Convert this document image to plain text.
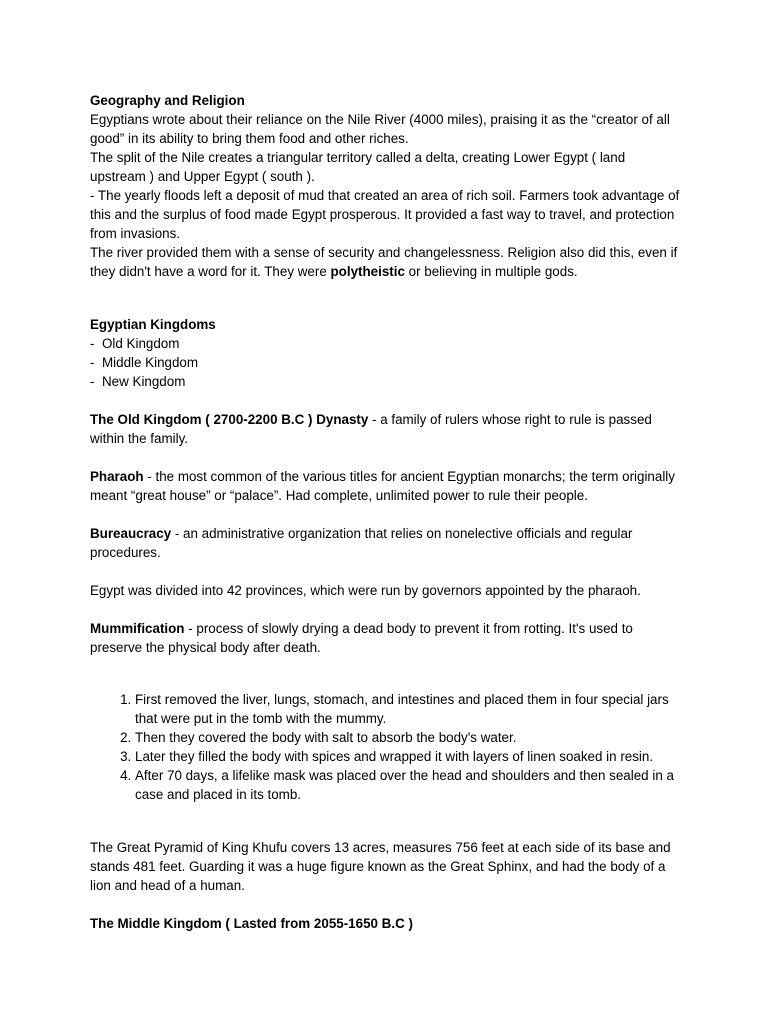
Geography and Religion

Egyptians wrote about their reliance on the Nile River (4000 miles), praising it as the “creator of all good” in its ability to bring them food and other riches.

The split of the Nile creates a triangular territory called a delta, creating Lower Egypt ( land upstream ) and Upper Egypt ( south ).

- The yearly floods left a deposit of mud that created an area of rich soil. Farmers took advantage of this and the surplus of food made Egypt prosperous. It provided a fast way to travel, and protection from invasions.

The river provided them with a sense of security and changelessness. Religion also did this, even if they didn't have a word for it. They were polytheistic or believing in multiple gods.

Egyptian Kingdoms

- Old Kingdom
- Middle Kingdom
- New Kingdom

The Old Kingdom ( 2700-2200 B.C ) Dynasty - a family of rulers whose right to rule is passed within the family.

Pharaoh - the most common of the various titles for ancient Egyptian monarchs; the term originally meant “great house” or “palace”. Had complete, unlimited power to rule their people.

Bureaucracy - an administrative organization that relies on nonelective officials and regular procedures.

Egypt was divided into 42 provinces, which were run by governors appointed by the pharaoh.

Mummification - process of slowly drying a dead body to prevent it from rotting. It's used to preserve the physical body after death.

1. First removed the liver, lungs, stomach, and intestines and placed them in four special jars that were put in the tomb with the mummy.
2. Then they covered the body with salt to absorb the body's water.
3. Later they filled the body with spices and wrapped it with layers of linen soaked in resin.
4. After 70 days, a lifelike mask was placed over the head and shoulders and then sealed in a case and placed in its tomb.

The Great Pyramid of King Khufu covers 13 acres, measures 756 feet at each side of its base and stands 481 feet. Guarding it was a huge figure known as the Great Sphinx, and had the body of a lion and head of a human.

The Middle Kingdom ( Lasted from 2055-1650 B.C )
